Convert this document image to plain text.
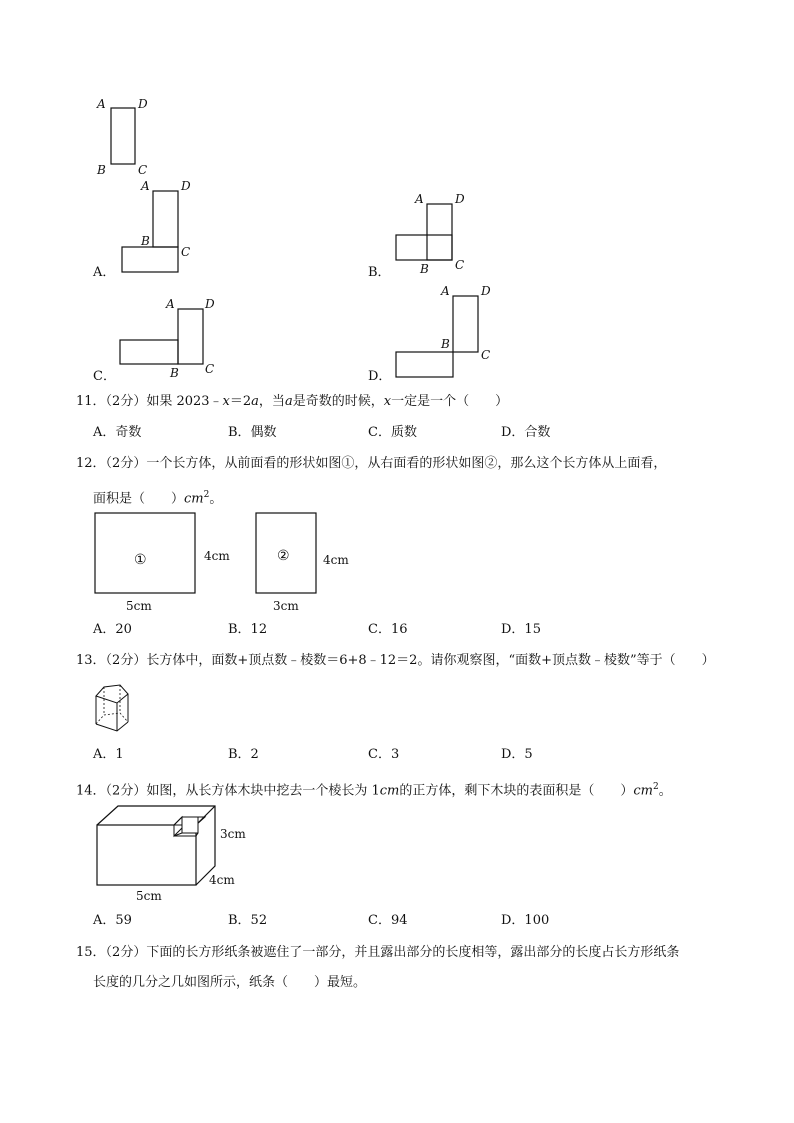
A	D
B	C
A．
A	D
B
C
B．
A	D
B C
C．
A	D
B C	D．
A	D
B
C
11．（2分）如果 2023﹣x＝2a，当a是奇数的时候，x一定是一个（　　）
A．奇数	B．偶数	C．质数	D．合数
12．（2分）一个长方体，从前面看的形状如图①，从右面看的形状如图②，那么这个长方体从上面看，
面积是（　　）$cm^2$。
①	4cm
5cm
②	4cm
3cm
A．20	B．12	C．16	D．15
13．（2分）长方体中，面数+顶点数﹣棱数＝6+8﹣12＝2。请你观察图，“面数+顶点数﹣棱数”等于（　　）
A．1	B．2	C．3	D．5
14．（2分）如图，从长方体木块中挖去一个棱长为 1cm的正方体，剩下木块的表面积是（　　）$cm^2$。
3cm
4cm
5cm
A．59	B．52	C．94	D．100
15．（2分）下面的长方形纸条被遮住了一部分，并且露出部分的长度相等，露出部分的长度占长方形纸条
长度的几分之几如图所示，纸条（　　）最短。
